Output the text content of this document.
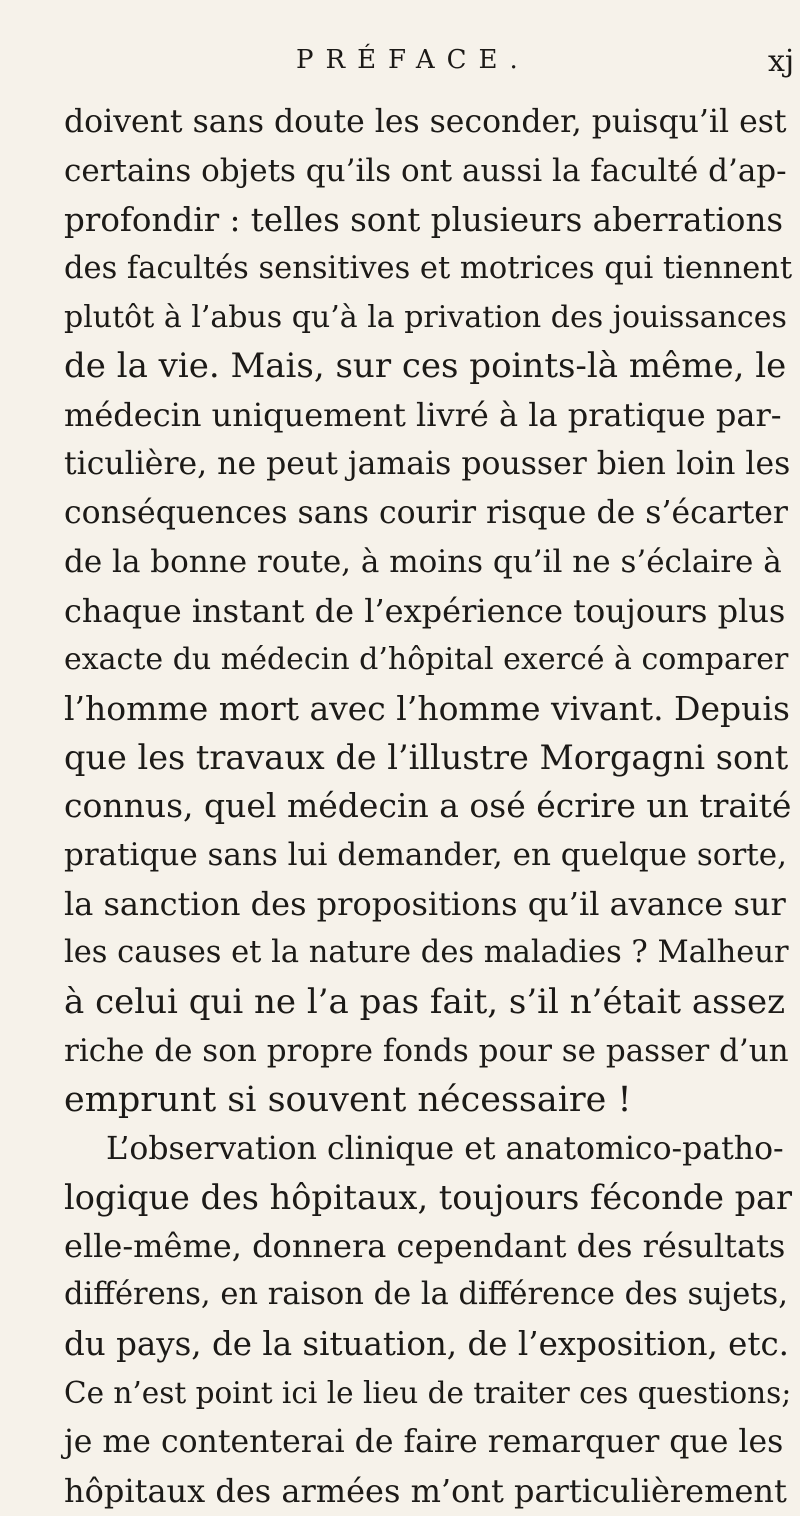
PRÉFACE.	xj
doivent sans doute les seconder, puisqu’il est
certains objets qu’ils ont aussi la faculté d’ap-
profondir : telles sont plusieurs aberrations
des facultés sensitives et motrices qui tiennent
plutôt à l’abus qu’à la privation des jouissances
de la vie. Mais, sur ces points-là même, le
médecin uniquement livré à la pratique par-
ticulière, ne peut jamais pousser bien loin les
conséquences sans courir risque de s’écarter
de la bonne route, à moins qu’il ne s’éclaire à
chaque instant de l’expérience toujours plus
exacte du médecin d’hôpital exercé à comparer
l’homme mort avec l’homme vivant. Depuis
que les travaux de l’illustre Morgagni sont
connus, quel médecin a osé écrire un traité
pratique sans lui demander, en quelque sorte,
la sanction des propositions qu’il avance sur
les causes et la nature des maladies ? Malheur
à celui qui ne l’a pas fait, s’il n’était assez
riche de son propre fonds pour se passer d’un
emprunt si souvent nécessaire !
L’observation clinique et anatomico-patho-
logique des hôpitaux, toujours féconde par
elle-même, donnera cependant des résultats
différens, en raison de la différence des sujets,
du pays, de la situation, de l’exposition, etc.
Ce n’est point ici le lieu de traiter ces questions;
je me contenterai de faire remarquer que les
hôpitaux des armées m’ont particulièrement
